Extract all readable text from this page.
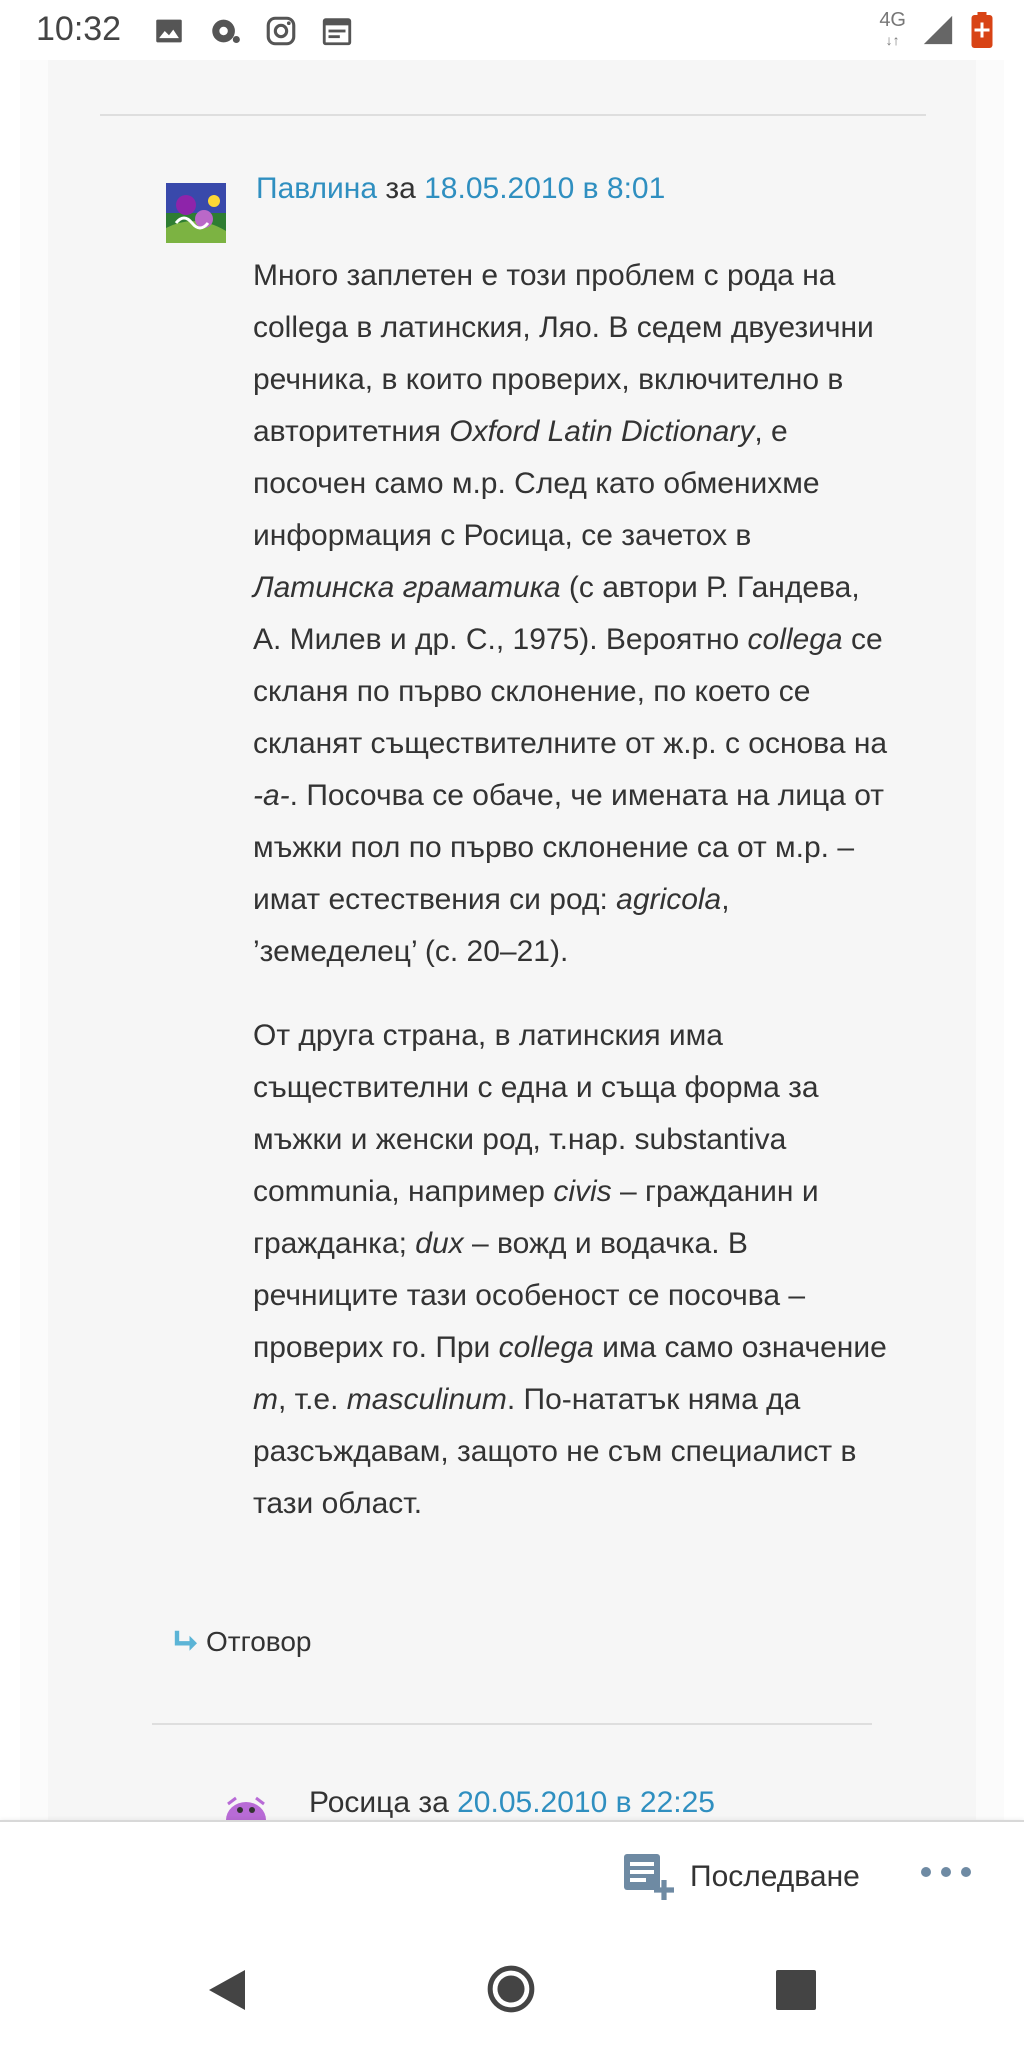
10:32	4G
↓↑
Павлина за 18.05.2010 в 8:01

Много заплетен е този проблем с рода на collega в латинския, Ляо. В седем двуезични речника, в които проверих, включително в авторитетния Oxford Latin Dictionary, е посочен само м.р. След като обменихме информация с Росица, се зачетох в Латинска граматика (с автори Р. Гандева, А. Милев и др. С., 1975). Вероятно collega се скланя по първо склонение, по което се скланят съществителните от ж.р. с основа на -a-. Посочва се обаче, че имената на лица от мъжки пол по първо склонение са от м.р. – имат естествения си род: agricola, ’земеделец’ (с. 20–21).

От друга страна, в латинския има съществителни с една и съща форма за мъжки и женски род, т.нар. substantiva communia, например civis – гражданин и гражданка; dux – вожд и водачка. В речниците тази особеност се посочва – проверих го. При collega има само означение m, т.е. masculinum. По-нататък няма да разсъждавам, защото не съм специалист в тази област.

Отговор
Росица за 20.05.2010 в 22:25
Последване
